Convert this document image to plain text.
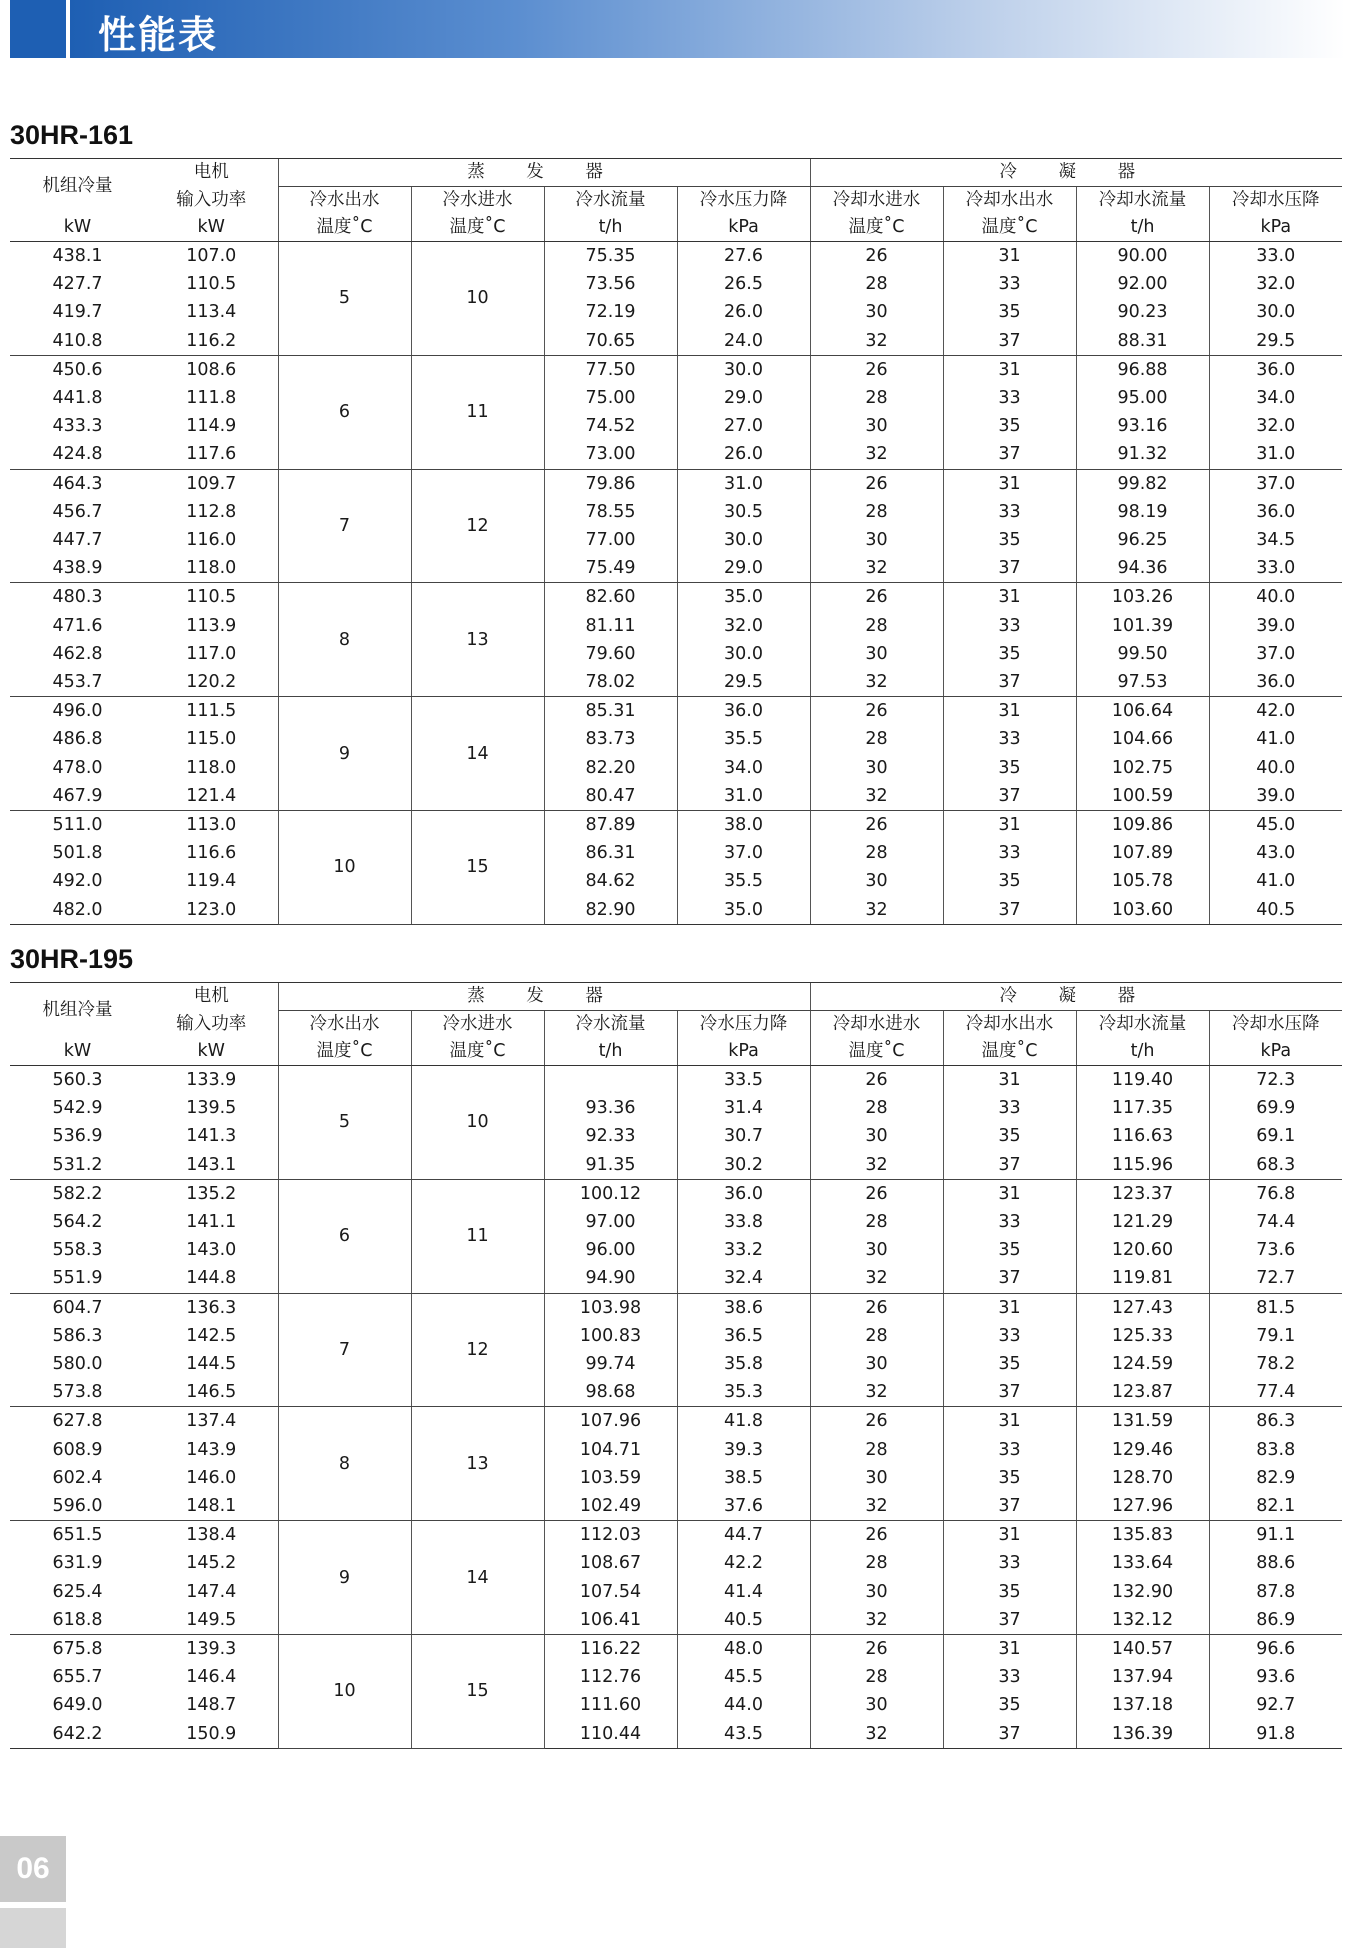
性能表
30HR-161
机组冷量	电机	蒸 发 器				冷 凝 器			
	输入功率	冷水出水	冷水进水	冷水流量	冷水压力降	冷却水进水	冷却水出水	冷却水流量	冷却水压降
kW	kW	温度˚C	温度˚C	t/h	kPa	温度˚C	温度˚C	t/h	kPa
438.1	107.0	5	10	75.35	27.6	26	31	90.00	33.0
427.7	110.5			73.56	26.5	28	33	92.00	32.0
419.7	113.4			72.19	26.0	30	35	90.23	30.0
410.8	116.2			70.65	24.0	32	37	88.31	29.5
450.6	108.6	6	11	77.50	30.0	26	31	96.88	36.0
441.8	111.8			75.00	29.0	28	33	95.00	34.0
433.3	114.9			74.52	27.0	30	35	93.16	32.0
424.8	117.6			73.00	26.0	32	37	91.32	31.0
464.3	109.7	7	12	79.86	31.0	26	31	99.82	37.0
456.7	112.8			78.55	30.5	28	33	98.19	36.0
447.7	116.0			77.00	30.0	30	35	96.25	34.5
438.9	118.0			75.49	29.0	32	37	94.36	33.0
480.3	110.5	8	13	82.60	35.0	26	31	103.26	40.0
471.6	113.9			81.11	32.0	28	33	101.39	39.0
462.8	117.0			79.60	30.0	30	35	99.50	37.0
453.7	120.2			78.02	29.5	32	37	97.53	36.0
496.0	111.5	9	14	85.31	36.0	26	31	106.64	42.0
486.8	115.0			83.73	35.5	28	33	104.66	41.0
478.0	118.0			82.20	34.0	30	35	102.75	40.0
467.9	121.4			80.47	31.0	32	37	100.59	39.0
511.0	113.0	10	15	87.89	38.0	26	31	109.86	45.0
501.8	116.6			86.31	37.0	28	33	107.89	43.0
492.0	119.4			84.62	35.5	30	35	105.78	41.0
482.0	123.0			82.90	35.0	32	37	103.60	40.5
30HR-195
机组冷量	电机	蒸 发 器				冷 凝 器			
	输入功率	冷水出水	冷水进水	冷水流量	冷水压力降	冷却水进水	冷却水出水	冷却水流量	冷却水压降
kW	kW	温度˚C	温度˚C	t/h	kPa	温度˚C	温度˚C	t/h	kPa
560.3	133.9	5	10		33.5	26	31	119.40	72.3
542.9	139.5			93.36	31.4	28	33	117.35	69.9
536.9	141.3			92.33	30.7	30	35	116.63	69.1
531.2	143.1			91.35	30.2	32	37	115.96	68.3
582.2	135.2	6	11	100.12	36.0	26	31	123.37	76.8
564.2	141.1			97.00	33.8	28	33	121.29	74.4
558.3	143.0			96.00	33.2	30	35	120.60	73.6
551.9	144.8			94.90	32.4	32	37	119.81	72.7
604.7	136.3	7	12	103.98	38.6	26	31	127.43	81.5
586.3	142.5			100.83	36.5	28	33	125.33	79.1
580.0	144.5			99.74	35.8	30	35	124.59	78.2
573.8	146.5			98.68	35.3	32	37	123.87	77.4
627.8	137.4	8	13	107.96	41.8	26	31	131.59	86.3
608.9	143.9			104.71	39.3	28	33	129.46	83.8
602.4	146.0			103.59	38.5	30	35	128.70	82.9
596.0	148.1			102.49	37.6	32	37	127.96	82.1
651.5	138.4	9	14	112.03	44.7	26	31	135.83	91.1
631.9	145.2			108.67	42.2	28	33	133.64	88.6
625.4	147.4			107.54	41.4	30	35	132.90	87.8
618.8	149.5			106.41	40.5	32	37	132.12	86.9
675.8	139.3	10	15	116.22	48.0	26	31	140.57	96.6
655.7	146.4			112.76	45.5	28	33	137.94	93.6
649.0	148.7			111.60	44.0	30	35	137.18	92.7
642.2	150.9			110.44	43.5	32	37	136.39	91.8
06
